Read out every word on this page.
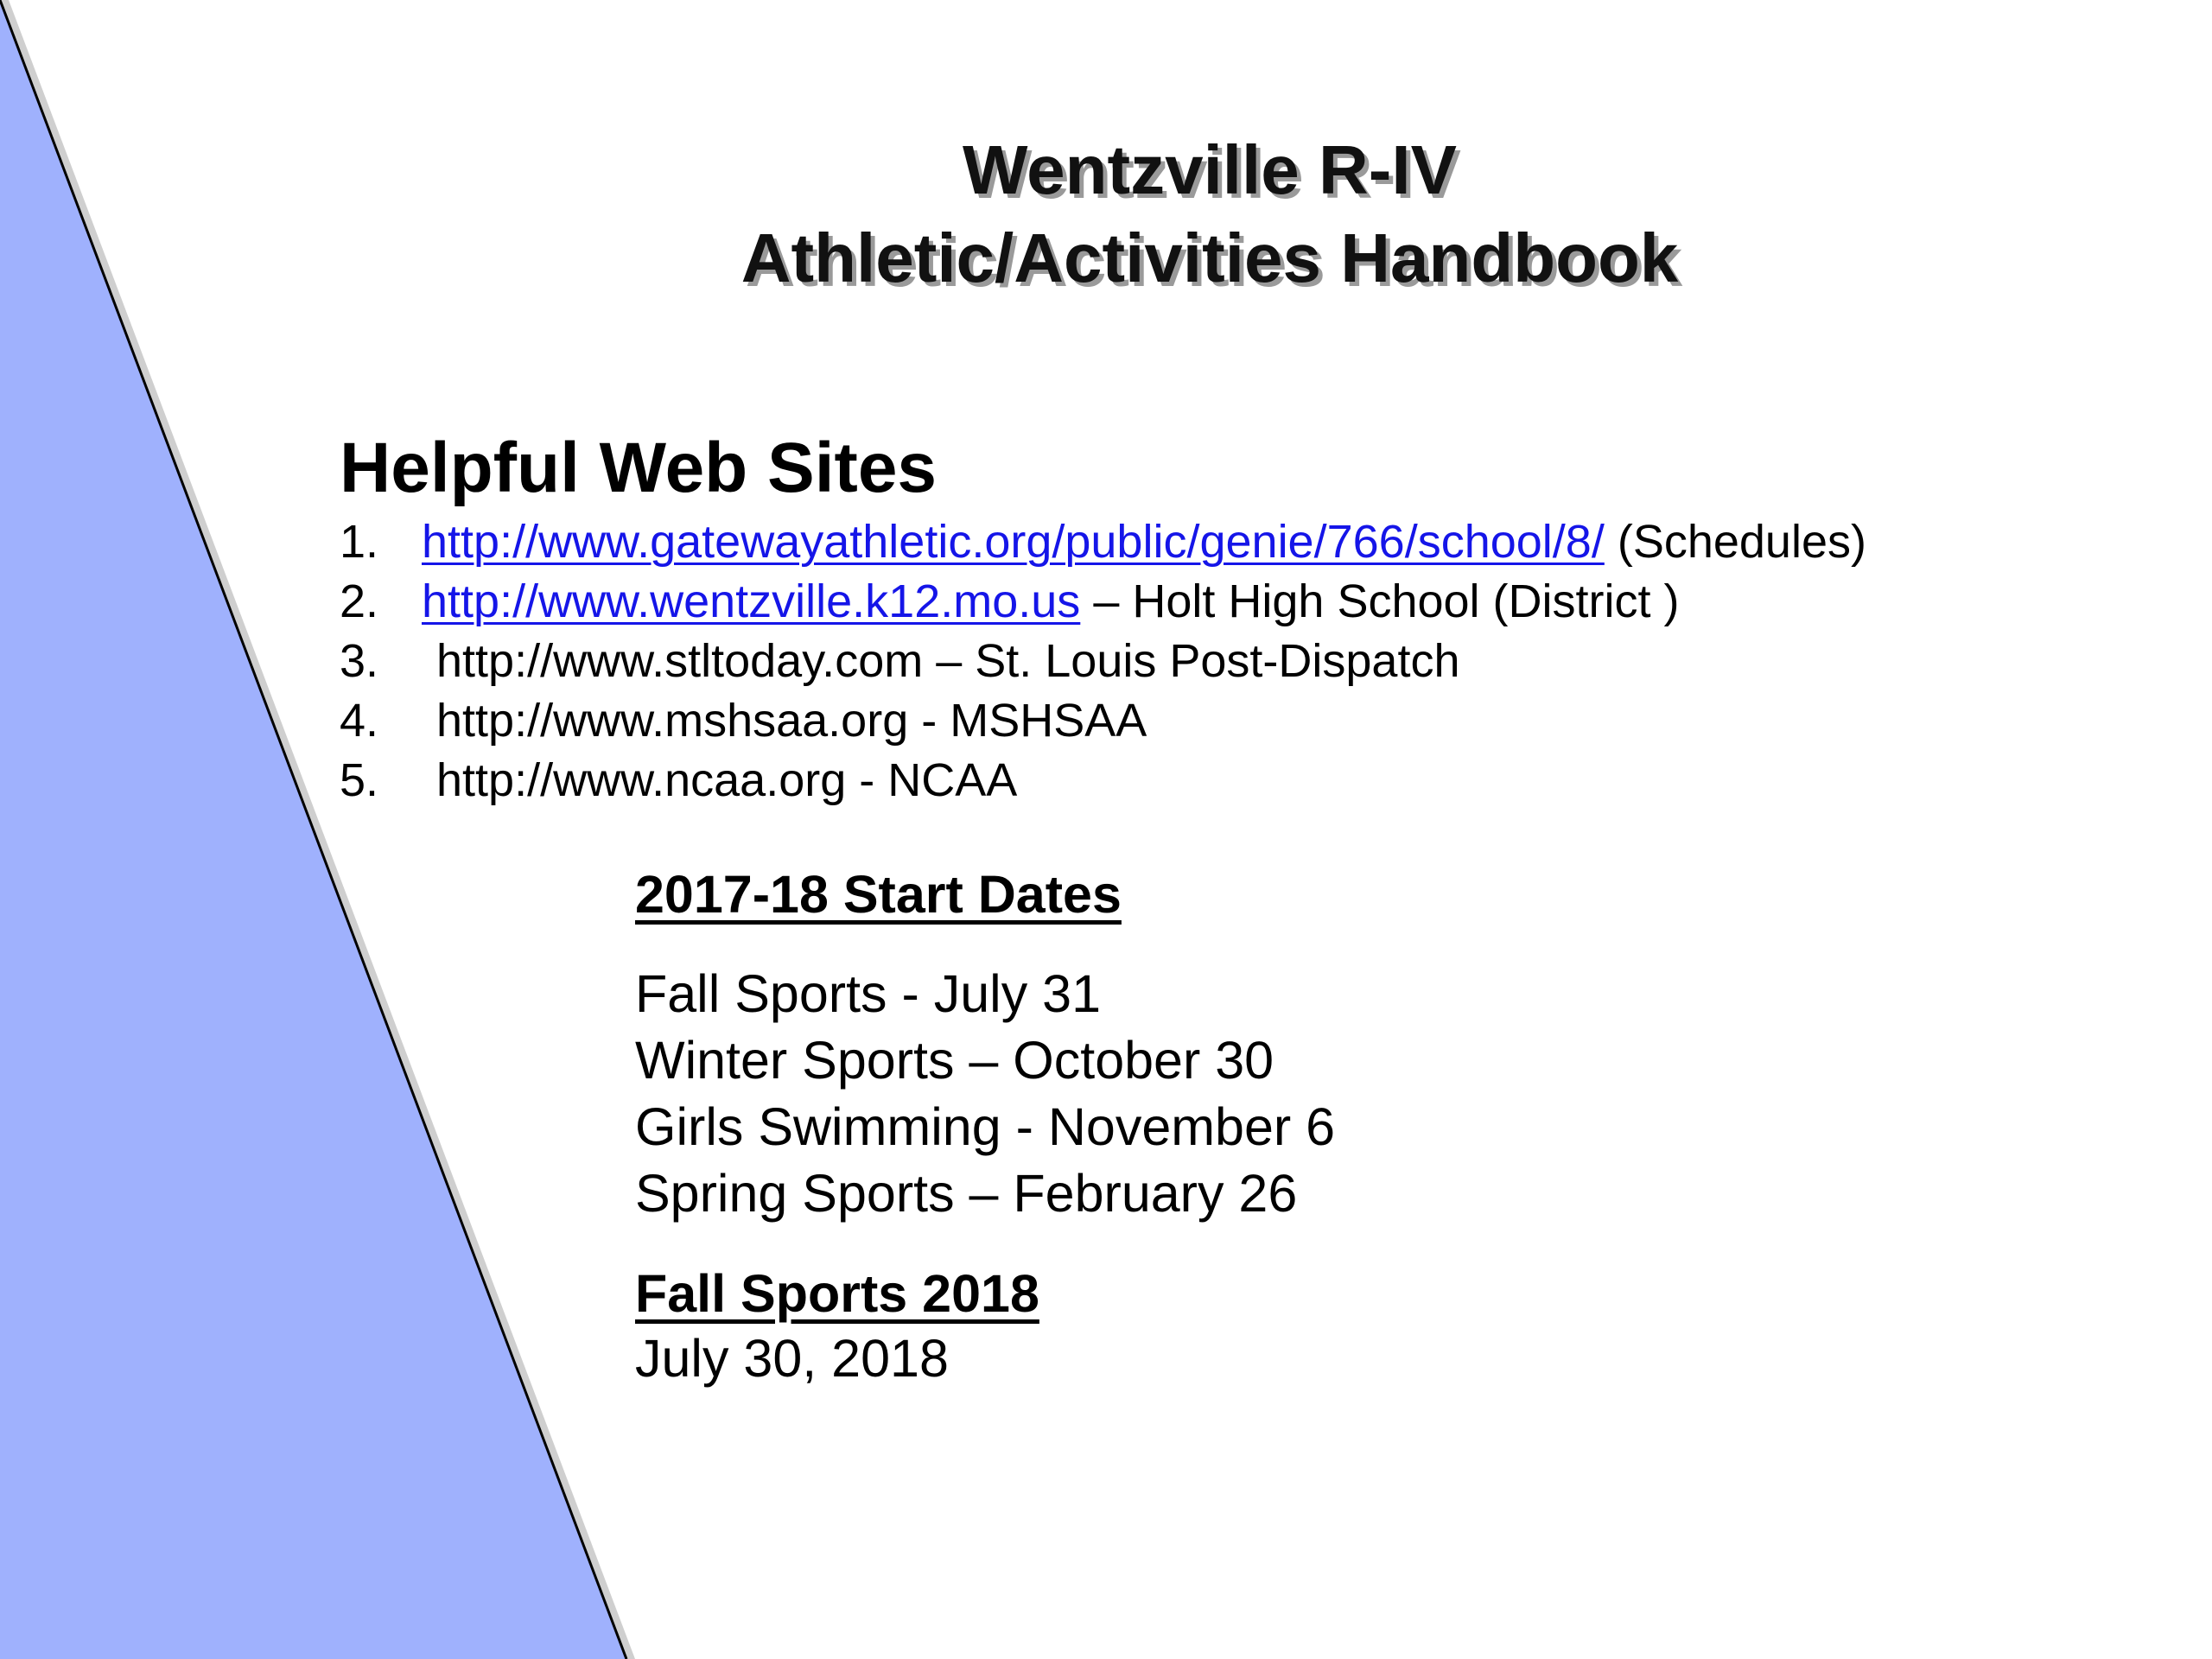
Wentzville R-IV
Athletic/Activities Handbook
Helpful Web Sites
1. http://www.gatewayathletic.org/public/genie/766/school/8/ (Schedules)
2. http://www.wentzville.k12.mo.us – Holt High School (District )
3. http://www.stltoday.com – St. Louis Post-Dispatch
4. http://www.mshsaa.org - MSHSAA
5. http://www.ncaa.org - NCAA
2017-18 Start Dates
Fall Sports - July 31
Winter Sports – October 30
Girls Swimming - November 6
Spring Sports – February 26
Fall Sports 2018
July 30, 2018
